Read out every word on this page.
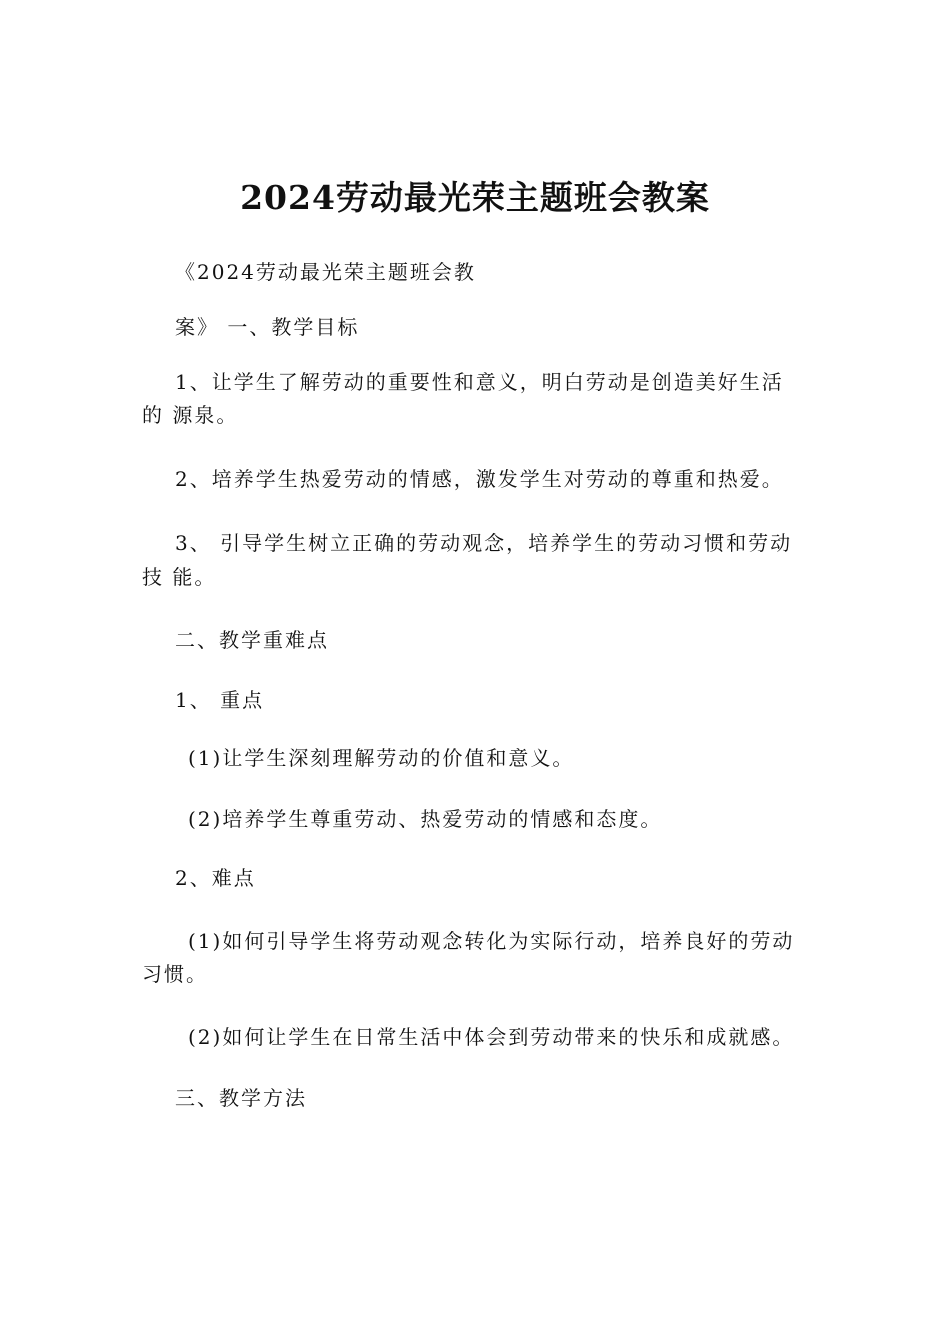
2024劳动最光荣主题班会教案

《2024劳动最光荣主题班会教

案》 一、教学目标

1、让学生了解劳动的重要性和意义，明白劳动是创造美好生活

的 源泉。

2、培养学生热爱劳动的情感，激发学生对劳动的尊重和热爱。

3、 引导学生树立正确的劳动观念，培养学生的劳动习惯和劳动

技 能。

二、教学重难点

1、 重点

(1)让学生深刻理解劳动的价值和意义。

(2)培养学生尊重劳动、热爱劳动的情感和态度。

2、难点

(1)如何引导学生将劳动观念转化为实际行动，培养良好的劳动

习惯。

(2)如何让学生在日常生活中体会到劳动带来的快乐和成就感。

三、教学方法
